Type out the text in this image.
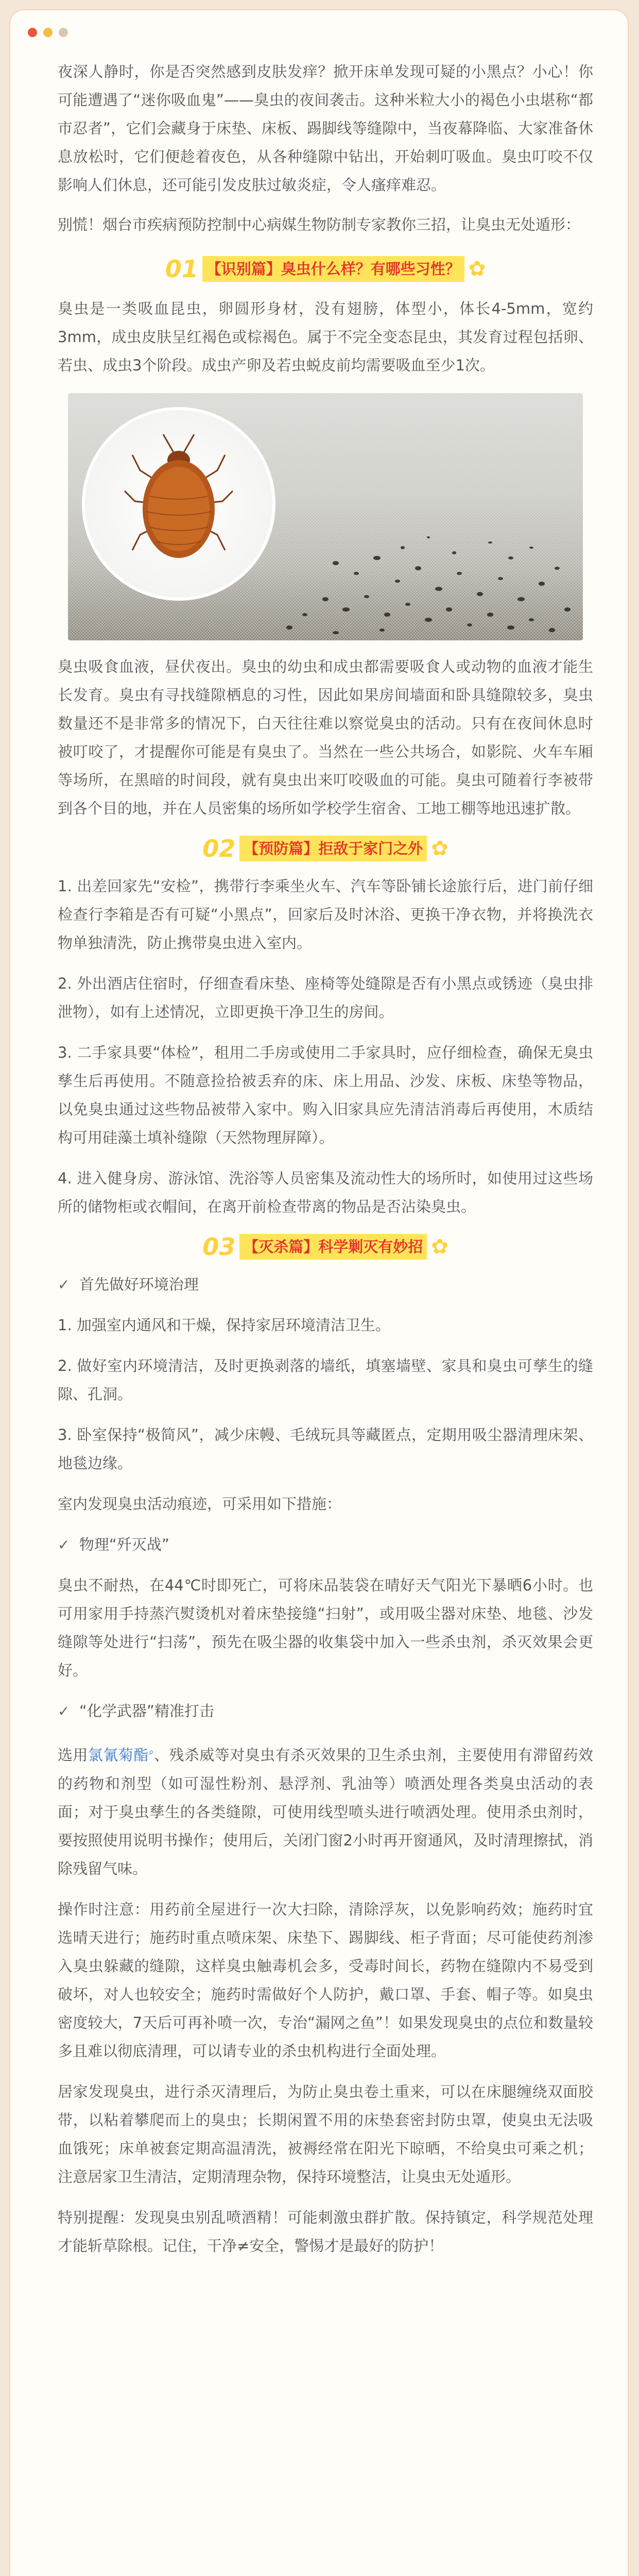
夜深人静时，你是否突然感到皮肤发痒？掀开床单发现可疑的小黑点？小心！你可能遭遇了“迷你吸血鬼”——臭虫的夜间袭击。这种米粒大小的褐色小虫堪称“都市忍者”，它们会藏身于床垫、床板、踢脚线等缝隙中，当夜幕降临、大家准备休息放松时，它们便趁着夜色，从各种缝隙中钻出，开始刺叮吸血。臭虫叮咬不仅影响人们休息，还可能引发皮肤过敏炎症，令人瘙痒难忍。

别慌！烟台市疾病预防控制中心病媒生物防制专家教你三招，让臭虫无处遁形：

01 【识别篇】臭虫什么样？有哪些习性？ ✿

臭虫是一类吸血昆虫，卵圆形身材，没有翅膀，体型小，体长4-5mm，宽约3mm，成虫皮肤呈红褐色或棕褐色。属于不完全变态昆虫，其发育过程包括卵、若虫、成虫3个阶段。成虫产卵及若虫蜕皮前均需要吸血至少1次。

臭虫吸食血液，昼伏夜出。臭虫的幼虫和成虫都需要吸食人或动物的血液才能生长发育。臭虫有寻找缝隙栖息的习性，因此如果房间墙面和卧具缝隙较多，臭虫数量还不是非常多的情况下，白天往往难以察觉臭虫的活动。只有在夜间休息时被叮咬了，才提醒你可能是有臭虫了。当然在一些公共场合，如影院、火车车厢等场所，在黑暗的时间段，就有臭虫出来叮咬吸血的可能。臭虫可随着行李被带到各个目的地，并在人员密集的场所如学校学生宿舍、工地工棚等地迅速扩散。

02 【预防篇】拒敌于家门之外 ✿

1. 出差回家先“安检”，携带行李乘坐火车、汽车等卧铺长途旅行后，进门前仔细检查行李箱是否有可疑“小黑点”，回家后及时沐浴、更换干净衣物，并将换洗衣物单独清洗，防止携带臭虫进入室内。

2. 外出酒店住宿时，仔细查看床垫、座椅等处缝隙是否有小黑点或锈迹（臭虫排泄物），如有上述情况，立即更换干净卫生的房间。

3. 二手家具要“体检”，租用二手房或使用二手家具时，应仔细检查，确保无臭虫孳生后再使用。不随意捡拾被丢弃的床、床上用品、沙发、床板、床垫等物品，以免臭虫通过这些物品被带入家中。购入旧家具应先清洁消毒后再使用，木质结构可用硅藻土填补缝隙（天然物理屏障）。

4. 进入健身房、游泳馆、洗浴等人员密集及流动性大的场所时，如使用过这些场所的储物柜或衣帽间，在离开前检查带离的物品是否沾染臭虫。

03 【灭杀篇】科学剿灭有妙招 ✿

✓ 首先做好环境治理

1. 加强室内通风和干燥，保持家居环境清洁卫生。

2. 做好室内环境清洁，及时更换剥落的墙纸，填塞墙壁、家具和臭虫可孳生的缝隙、孔洞。

3. 卧室保持“极简风”，减少床幔、毛绒玩具等藏匿点，定期用吸尘器清理床架、地毯边缘。

室内发现臭虫活动痕迹，可采用如下措施：

✓ 物理“歼灭战”

臭虫不耐热，在44℃时即死亡，可将床品装袋在晴好天气阳光下暴晒6小时。也可用家用手持蒸汽熨烫机对着床垫接缝“扫射”，或用吸尘器对床垫、地毯、沙发缝隙等处进行“扫荡”，预先在吸尘器的收集袋中加入一些杀虫剂，杀灭效果会更好。

✓ “化学武器”精准打击

选用氯氰菊酯⌕、残杀威等对臭虫有杀灭效果的卫生杀虫剂，主要使用有滞留药效的药物和剂型（如可湿性粉剂、悬浮剂、乳油等）喷洒处理各类臭虫活动的表面；对于臭虫孳生的各类缝隙，可使用线型喷头进行喷洒处理。使用杀虫剂时，要按照使用说明书操作；使用后，关闭门窗2小时再开窗通风，及时清理擦拭，消除残留气味。

操作时注意：用药前全屋进行一次大扫除，清除浮灰，以免影响药效；施药时宜选晴天进行；施药时重点喷床架、床垫下、踢脚线、柜子背面；尽可能使药剂渗入臭虫躲藏的缝隙，这样臭虫触毒机会多，受毒时间长，药物在缝隙内不易受到破坏，对人也较安全；施药时需做好个人防护，戴口罩、手套、帽子等。如臭虫密度较大，7天后可再补喷一次，专治“漏网之鱼”！如果发现臭虫的点位和数量较多且难以彻底清理，可以请专业的杀虫机构进行全面处理。

居家发现臭虫，进行杀灭清理后，为防止臭虫卷土重来，可以在床腿缠绕双面胶带，以粘着攀爬而上的臭虫；长期闲置不用的床垫套密封防虫罩，使臭虫无法吸血饿死；床单被套定期高温清洗，被褥经常在阳光下晾晒，不给臭虫可乘之机；注意居家卫生清洁，定期清理杂物，保持环境整洁，让臭虫无处遁形。

特别提醒：发现臭虫别乱喷酒精！可能刺激虫群扩散。保持镇定，科学规范处理才能斩草除根。记住，干净≠安全，警惕才是最好的防护！
